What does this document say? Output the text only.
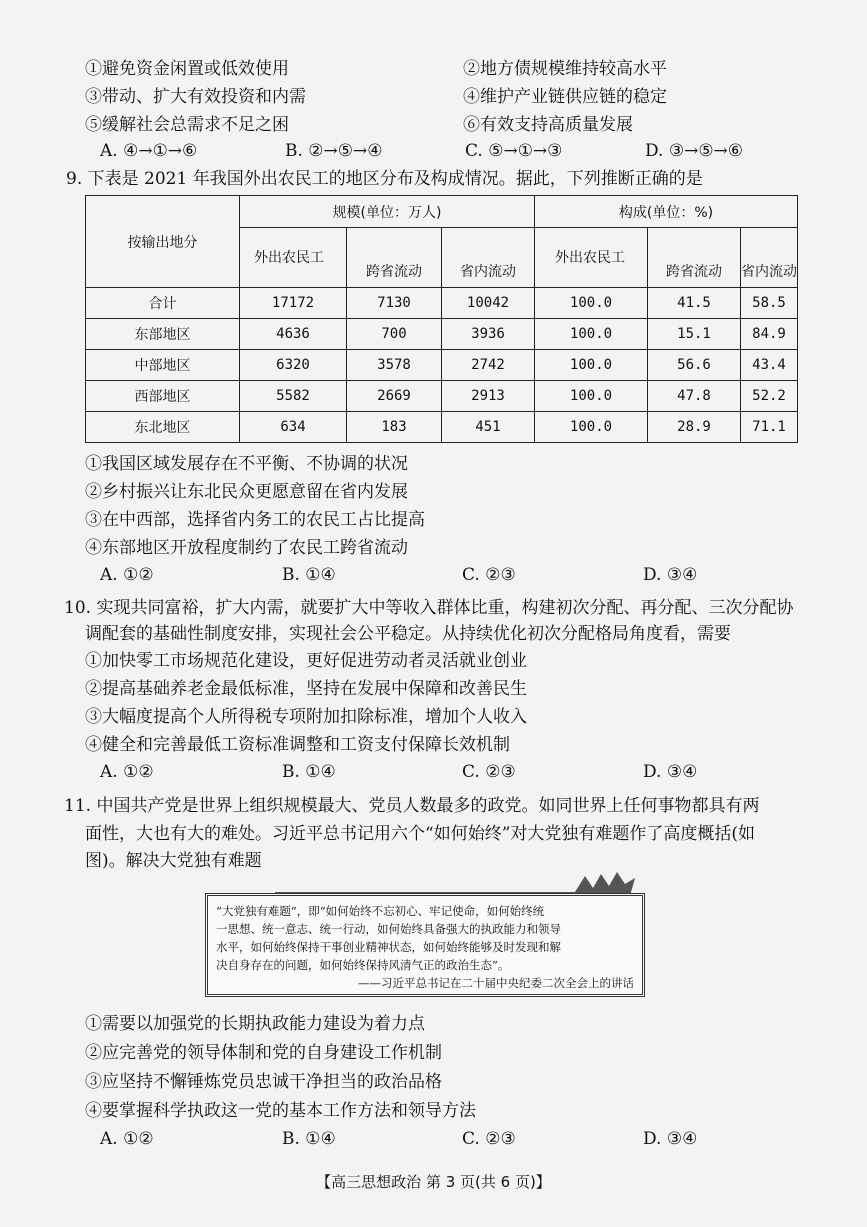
①避免资金闲置或低效使用	②地方债规模维持较高水平
③带动、扩大有效投资和内需	④维护产业链供应链的稳定
⑤缓解社会总需求不足之困	⑥有效支持高质量发展
A. ④→①→⑥	B. ②→⑤→④	C. ⑤→①→③	D. ③→⑤→⑥
9. 下表是 2021 年我国外出农民工的地区分布及构成情况。据此，下列推断正确的是
按输出地分	规模(单位：万人)			构成(单位：%)		
	外出农民工	跨省流动	省内流动	外出农民工	跨省流动	省内流动
合计	17172	7130	10042	100.0	41.5	58.5
东部地区	4636	700	3936	100.0	15.1	84.9
中部地区	6320	3578	2742	100.0	56.6	43.4
西部地区	5582	2669	2913	100.0	47.8	52.2
东北地区	634	183	451	100.0	28.9	71.1
①我国区域发展存在不平衡、不协调的状况
②乡村振兴让东北民众更愿意留在省内发展
③在中西部，选择省内务工的农民工占比提高
④东部地区开放程度制约了农民工跨省流动
A. ①②	B. ①④	C. ②③	D. ③④
10. 实现共同富裕，扩大内需，就要扩大中等收入群体比重，构建初次分配、再分配、三次分配协
调配套的基础性制度安排，实现社会公平稳定。从持续优化初次分配格局角度看，需要
①加快零工市场规范化建设，更好促进劳动者灵活就业创业
②提高基础养老金最低标准，坚持在发展中保障和改善民生
③大幅度提高个人所得税专项附加扣除标准，增加个人收入
④健全和完善最低工资标准调整和工资支付保障长效机制
A. ①②	B. ①④	C. ②③	D. ③④
11. 中国共产党是世界上组织规模最大、党员人数最多的政党。如同世界上任何事物都具有两
面性，大也有大的难处。习近平总书记用六个“如何始终”对大党独有难题作了高度概括(如
图)。解决大党独有难题
“大党独有难题”，即“如何始终不忘初心、牢记使命，如何始终统
一思想、统一意志、统一行动，如何始终具备强大的执政能力和领导
水平，如何始终保持干事创业精神状态，如何始终能够及时发现和解
决自身存在的问题，如何始终保持风清气正的政治生态”。
——习近平总书记在二十届中央纪委二次全会上的讲话
①需要以加强党的长期执政能力建设为着力点
②应完善党的领导体制和党的自身建设工作机制
③应坚持不懈锤炼党员忠诚干净担当的政治品格
④要掌握科学执政这一党的基本工作方法和领导方法
A. ①②	B. ①④	C. ②③	D. ③④
【高三思想政治 第 3 页(共 6 页)】
